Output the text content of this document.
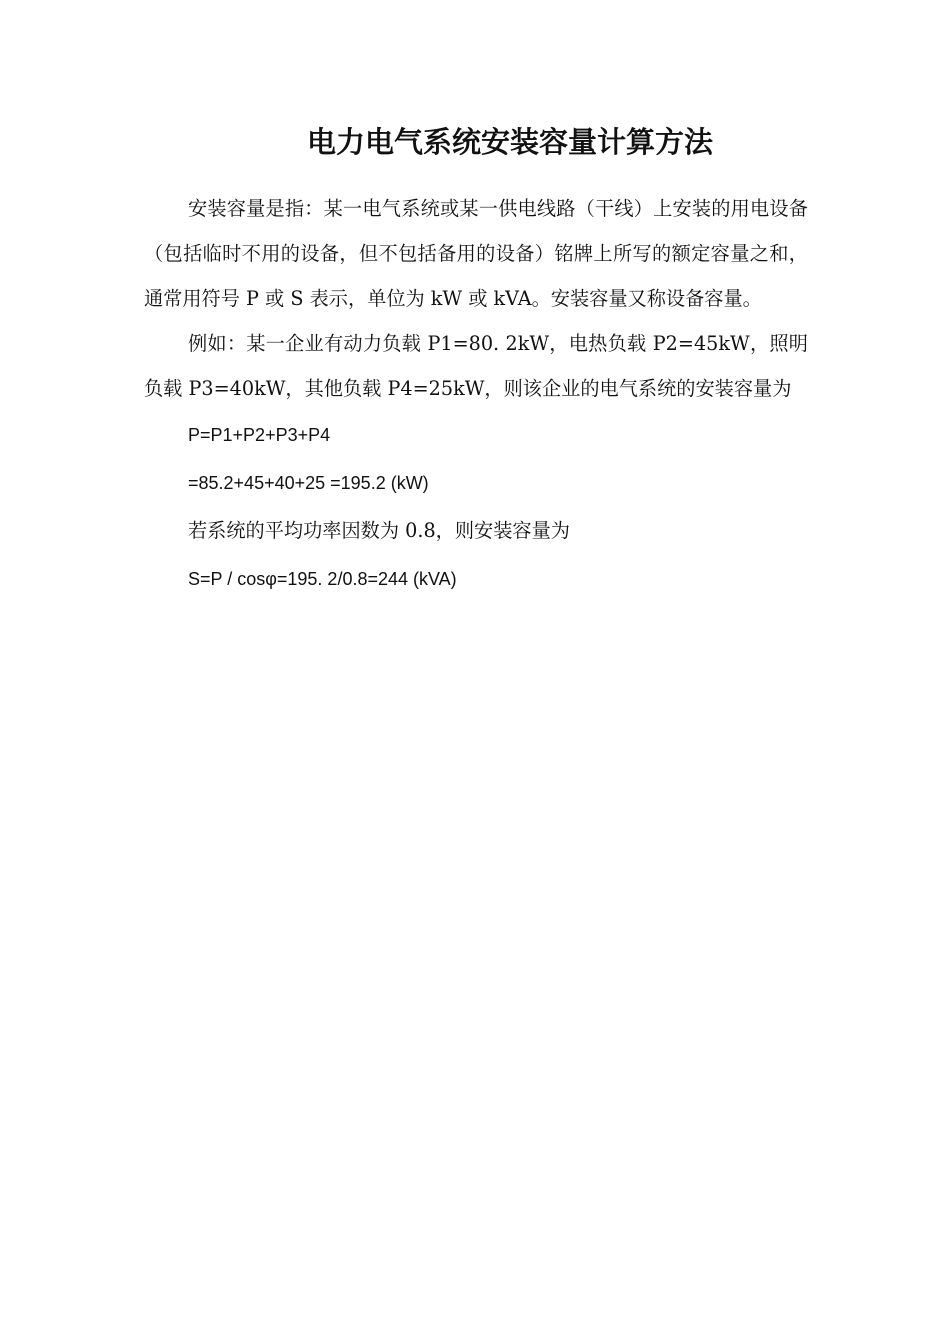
电力电气系统安装容量计算方法

安装容量是指：某一电气系统或某一供电线路（干线）上安装的用电设备（包括临时不用的设备，但不包括备用的设备）铭牌上所写的额定容量之和，通常用符号 P 或 S 表示，单位为 kW 或 kVA。安装容量又称设备容量。

例如：某一企业有动力负载 P1=80. 2kW，电热负载 P2=45kW，照明负载 P3=40kW，其他负载 P4=25kW，则该企业的电气系统的安装容量为

P=P1+P2+P3+P4

=85.2+45+40+25 =195.2 (kW)

若系统的平均功率因数为 0.8，则安装容量为

S=P / cosφ=195. 2/0.8=244 (kVA)
